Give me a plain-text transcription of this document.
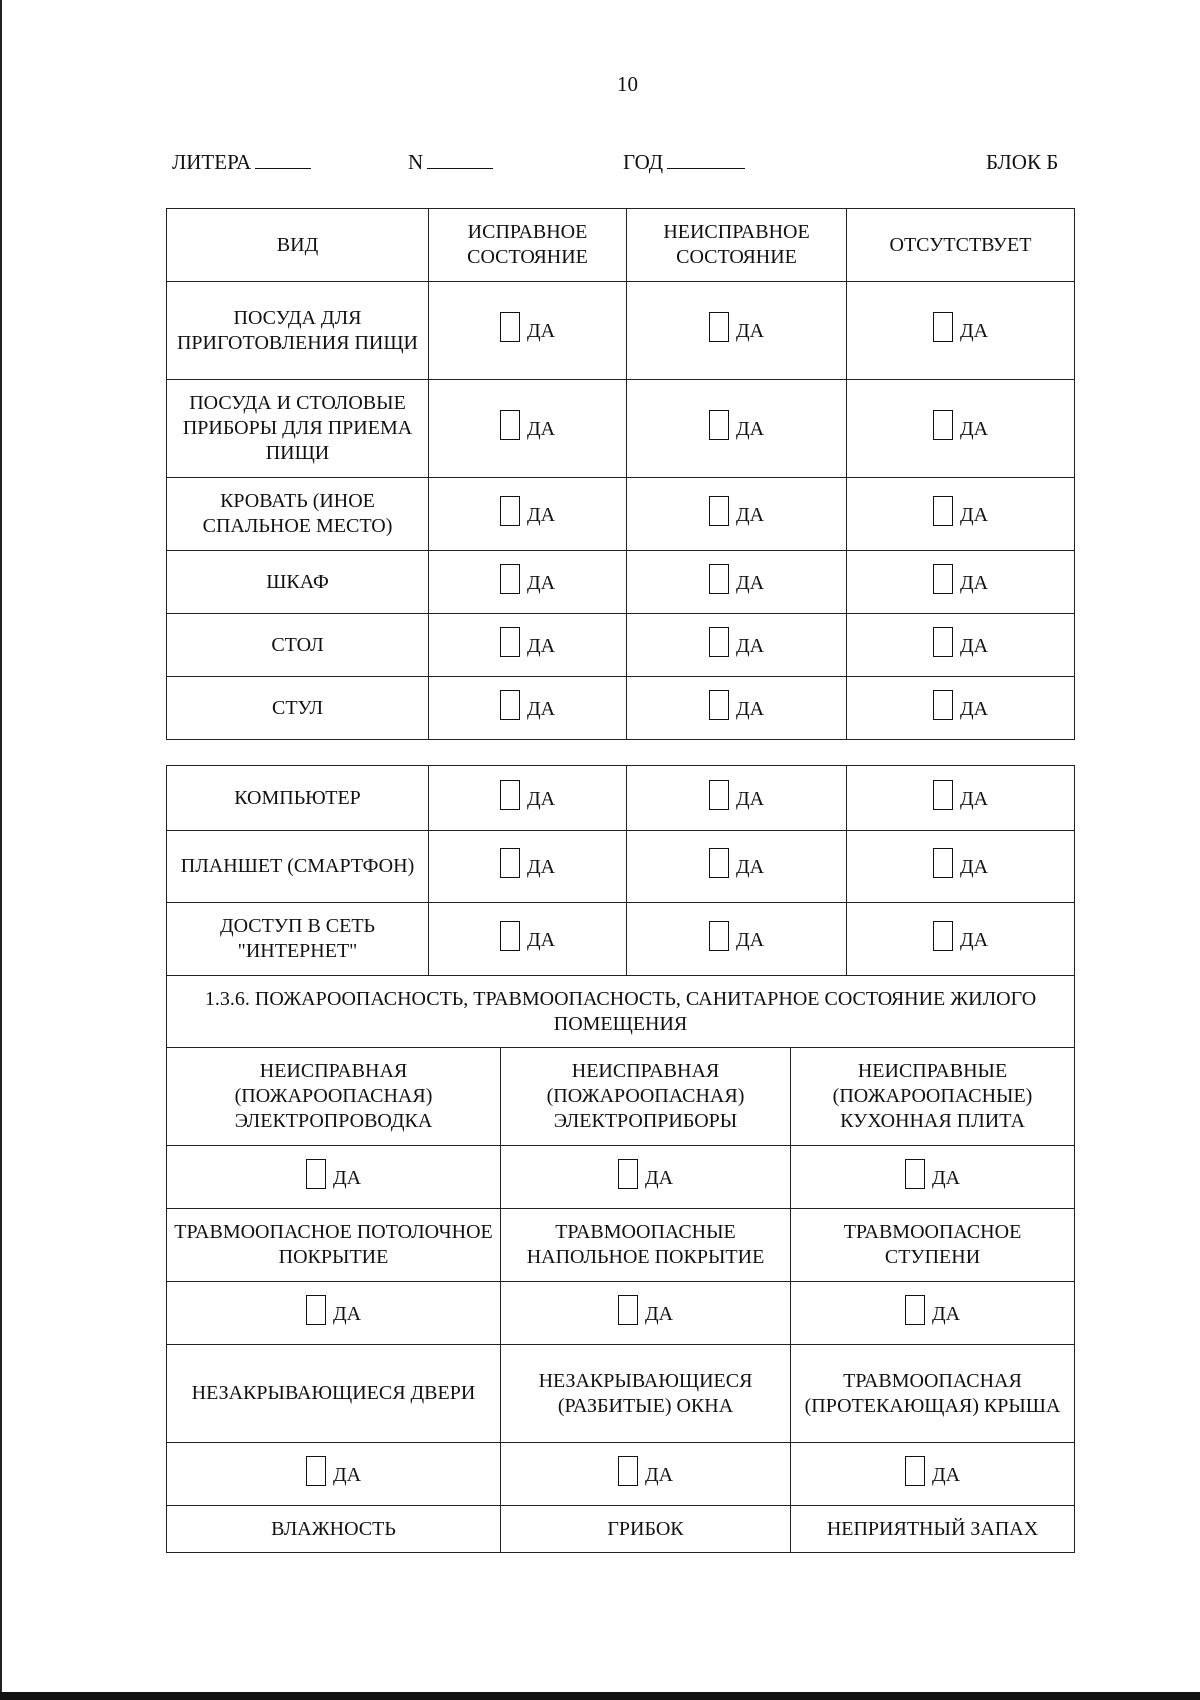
10
ЛИТЕРА	N	ГОД	БЛОК Б
ВИД	ИСПРАВНОЕ СОСТОЯНИЕ	НЕИСПРАВНОЕ СОСТОЯНИЕ	ОТСУТСТВУЕТ
ПОСУДА ДЛЯ ПРИГОТОВЛЕНИЯ ПИЩИ	ДА	ДА	ДА

ПОСУДА И СТОЛОВЫЕ ПРИБОРЫ ДЛЯ ПРИЕМА ПИЩИ	ДА	ДА	ДА

КРОВАТЬ (ИНОЕ СПАЛЬНОЕ МЕСТО)	ДА	ДА	ДА

ШКАФ	ДА	ДА	ДА

СТОЛ	ДА	ДА	ДА

СТУЛ	ДА	ДА	ДА
КОМПЬЮТЕР	ДА	ДА	ДА

ПЛАНШЕТ (СМАРТФОН)	ДА	ДА	ДА

ДОСТУП В СЕТЬ "ИНТЕРНЕТ"	ДА	ДА	ДА
1.3.6. ПОЖАРООПАСНОСТЬ, ТРАВМООПАСНОСТЬ, САНИТАРНОЕ СОСТОЯНИЕ ЖИЛОГО ПОМЕЩЕНИЯ		
НЕИСПРАВНАЯ (ПОЖАРООПАСНАЯ) ЭЛЕКТРОПРОВОДКА	НЕИСПРАВНАЯ (ПОЖАРООПАСНАЯ) ЭЛЕКТРОПРИБОРЫ	НЕИСПРАВНЫЕ (ПОЖАРООПАСНЫЕ) КУХОННАЯ ПЛИТА

ДА	ДА	ДА

ТРАВМООПАСНОЕ ПОТОЛОЧНОЕ ПОКРЫТИЕ	ТРАВМООПАСНЫЕ НАПОЛЬНОЕ ПОКРЫТИЕ	ТРАВМООПАСНОЕ СТУПЕНИ

ДА	ДА	ДА

НЕЗАКРЫВАЮЩИЕСЯ ДВЕРИ	НЕЗАКРЫВАЮЩИЕСЯ (РАЗБИТЫЕ) ОКНА	ТРАВМООПАСНАЯ (ПРОТЕКАЮЩАЯ) КРЫША

ДА	ДА	ДА

ВЛАЖНОСТЬ	ГРИБОК	НЕПРИЯТНЫЙ ЗАПАХ
